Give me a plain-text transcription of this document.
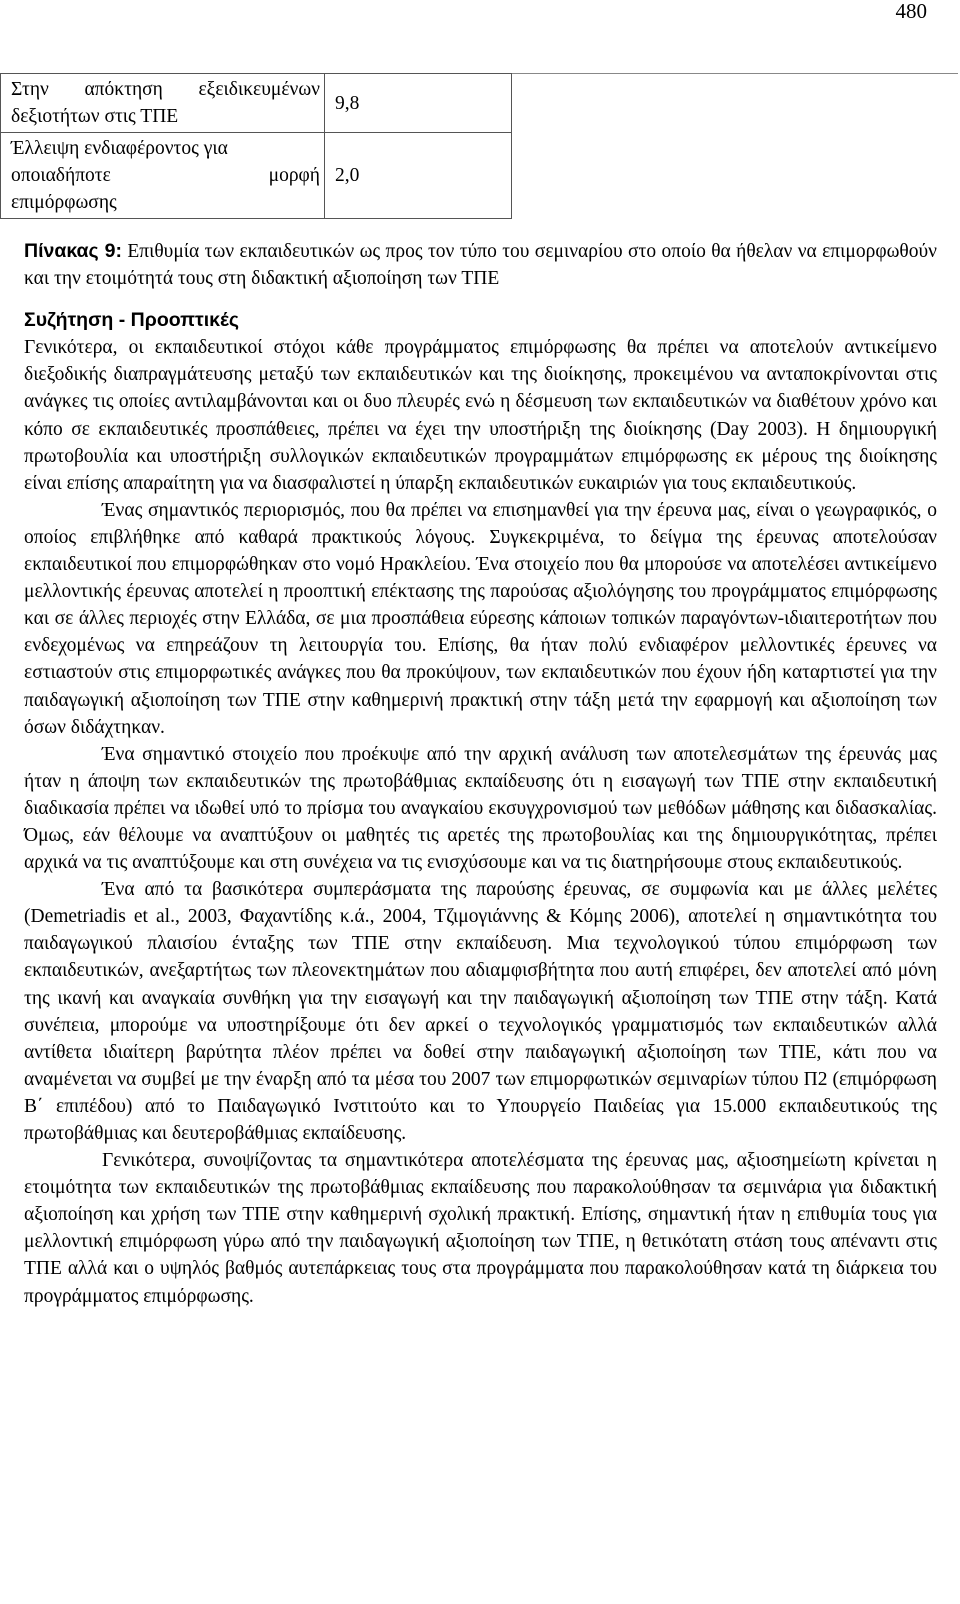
480
Στην απόκτηση εξειδικευμένων δεξιοτήτων στις ΤΠΕ	9,8

Έλλειψη ενδιαφέροντος για
οποιαδήποτε μορφή
επιμόρφωσης	2,0

Πίνακας 9: Επιθυμία των εκπαιδευτικών ως προς τον τύπο του σεμιναρίου στο οποίο θα ήθελαν να επιμορφωθούν και την ετοιμότητά τους στη διδακτική αξιοποίηση των ΤΠΕ

Συζήτηση - Προοπτικές

Γενικότερα, οι εκπαιδευτικοί στόχοι κάθε προγράμματος επιμόρφωσης θα πρέπει να αποτελούν αντικείμενο διεξοδικής διαπραγμάτευσης μεταξύ των εκπαιδευτικών και της διοίκησης, προκειμένου να ανταποκρίνονται στις ανάγκες τις οποίες αντιλαμβάνονται και οι δυο πλευρές ενώ η δέσμευση των εκπαιδευτικών να διαθέτουν χρόνο και κόπο σε εκπαιδευτικές προσπάθειες, πρέπει να έχει την υποστήριξη της διοίκησης (Day 2003). Η δημιουργική πρωτοβουλία και υποστήριξη συλλογικών εκπαιδευτικών προγραμμάτων επιμόρφωσης εκ μέρους της διοίκησης είναι επίσης απαραίτητη για να διασφαλιστεί η ύπαρξη εκπαιδευτικών ευκαιριών για τους εκπαιδευτικούς.

Ένας σημαντικός περιορισμός, που θα πρέπει να επισημανθεί για την έρευνα μας, είναι ο γεωγραφικός, ο οποίος επιβλήθηκε από καθαρά πρακτικούς λόγους. Συγκεκριμένα, το δείγμα της έρευνας αποτελούσαν εκπαιδευτικοί που επιμορφώθηκαν στο νομό Ηρακλείου. Ένα στοιχείο που θα μπορούσε να αποτελέσει αντικείμενο μελλοντικής έρευνας αποτελεί η προοπτική επέκτασης της παρούσας αξιολόγησης του προγράμματος επιμόρφωσης και σε άλλες περιοχές στην Ελλάδα, σε μια προσπάθεια εύρεσης κάποιων τοπικών παραγόντων-ιδιαιτεροτήτων που ενδεχομένως να επηρεάζουν τη λειτουργία του. Επίσης, θα ήταν πολύ ενδιαφέρον μελλοντικές έρευνες να εστιαστούν στις επιμορφωτικές ανάγκες που θα προκύψουν, των εκπαιδευτικών που έχουν ήδη καταρτιστεί για την παιδαγωγική αξιοποίηση των ΤΠΕ στην καθημερινή πρακτική στην τάξη μετά την εφαρμογή και αξιοποίηση των όσων διδάχτηκαν.

Ένα σημαντικό στοιχείο που προέκυψε από την αρχική ανάλυση των αποτελεσμάτων της έρευνάς μας ήταν η άποψη των εκπαιδευτικών της πρωτοβάθμιας εκπαίδευσης ότι η εισαγωγή των ΤΠΕ στην εκπαιδευτική διαδικασία πρέπει να ιδωθεί υπό το πρίσμα του αναγκαίου εκσυγχρονισμού των μεθόδων μάθησης και διδασκαλίας. Όμως, εάν θέλουμε να αναπτύξουν οι μαθητές τις αρετές της πρωτοβουλίας και της δημιουργικότητας, πρέπει αρχικά να τις αναπτύξουμε και στη συνέχεια να τις ενισχύσουμε και να τις διατηρήσουμε στους εκπαιδευτικούς.

Ένα από τα βασικότερα συμπεράσματα της παρούσης έρευνας, σε συμφωνία και με άλλες μελέτες (Demetriadis et al., 2003, Φαχαντίδης κ.ά., 2004, Τζιμογιάννης & Κόμης 2006), αποτελεί η σημαντικότητα του παιδαγωγικού πλαισίου ένταξης των ΤΠΕ στην εκπαίδευση. Μια τεχνολογικού τύπου επιμόρφωση των εκπαιδευτικών, ανεξαρτήτως των πλεονεκτημάτων που αδιαμφισβήτητα που αυτή επιφέρει, δεν αποτελεί από μόνη της ικανή και αναγκαία συνθήκη για την εισαγωγή και την παιδαγωγική αξιοποίηση των ΤΠΕ στην τάξη. Κατά συνέπεια, μπορούμε να υποστηρίξουμε ότι δεν αρκεί ο τεχνολογικός γραμματισμός των εκπαιδευτικών αλλά αντίθετα ιδιαίτερη βαρύτητα πλέον πρέπει να δοθεί στην παιδαγωγική αξιοποίηση των ΤΠΕ, κάτι που να αναμένεται να συμβεί με την έναρξη από τα μέσα του 2007 των επιμορφωτικών σεμιναρίων τύπου Π2 (επιμόρφωση Β΄ επιπέδου) από το Παιδαγωγικό Ινστιτούτο και το Υπουργείο Παιδείας για 15.000 εκπαιδευτικούς της πρωτοβάθμιας και δευτεροβάθμιας εκπαίδευσης.

Γενικότερα, συνοψίζοντας τα σημαντικότερα αποτελέσματα της έρευνας μας, αξιοσημείωτη κρίνεται η ετοιμότητα των εκπαιδευτικών της πρωτοβάθμιας εκπαίδευσης που παρακολούθησαν τα σεμινάρια για διδακτική αξιοποίηση και χρήση των ΤΠΕ στην καθημερινή σχολική πρακτική. Επίσης, σημαντική ήταν η επιθυμία τους για μελλοντική επιμόρφωση γύρω από την παιδαγωγική αξιοποίηση των ΤΠΕ, η θετικότατη στάση τους απέναντι στις ΤΠΕ αλλά και ο υψηλός βαθμός αυτεπάρκειας τους στα προγράμματα που παρακολούθησαν κατά τη διάρκεια του προγράμματος επιμόρφωσης.
